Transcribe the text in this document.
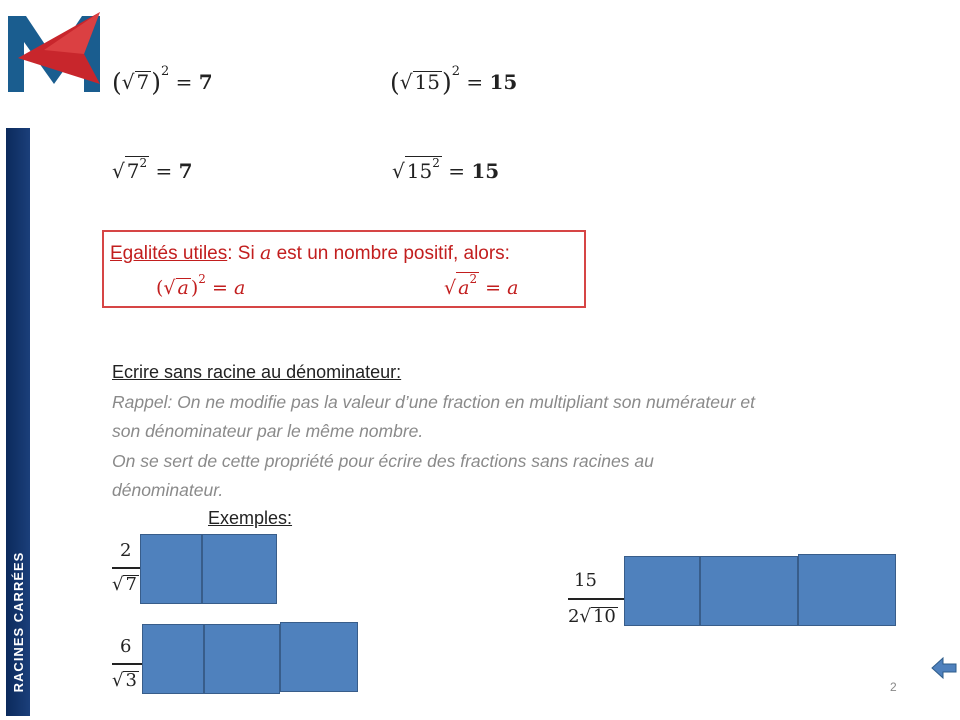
RACINES CARRÉES
(√ 7)$^2$ = 7	(√ 15)$^2$ = 15
√ $7^2 = 7$	√ $15^2 = 15$
Egalités utiles: Si a est un nombre positif, alors:
(√ a )$^2$ = a	√ $a^2 = a$
Ecrire sans racine au dénominateur:
Rappel: On ne modifie pas la valeur d’une fraction en multipliant son numérateur et
son dénominateur par le même nombre.
On se sert de cette propriété pour écrire des fractions sans racines au
dénominateur.
Exemples:
2
√ 7
6
√ 3
15
2√ 10
2
